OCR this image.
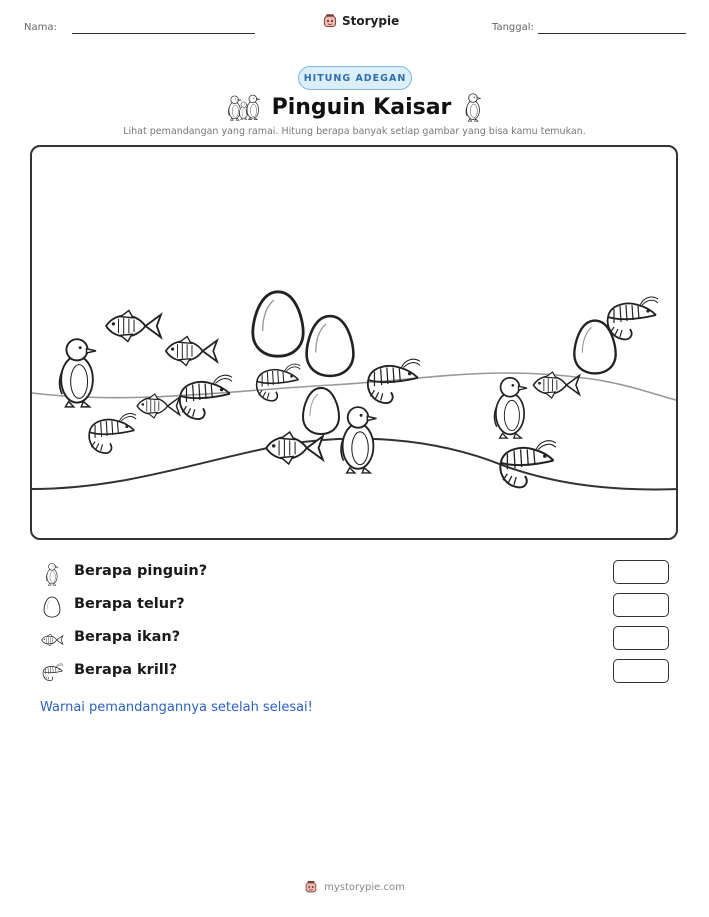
Nama:	Storypie	Tanggal:
HITUNG ADEGAN
Pinguin Kaisar
Lihat pemandangan yang ramai. Hitung berapa banyak setiap gambar yang bisa kamu temukan.
Berapa pinguin?
Berapa telur?
Berapa ikan?
Berapa krill?
Warnai pemandangannya setelah selesai!
mystorypie.com
